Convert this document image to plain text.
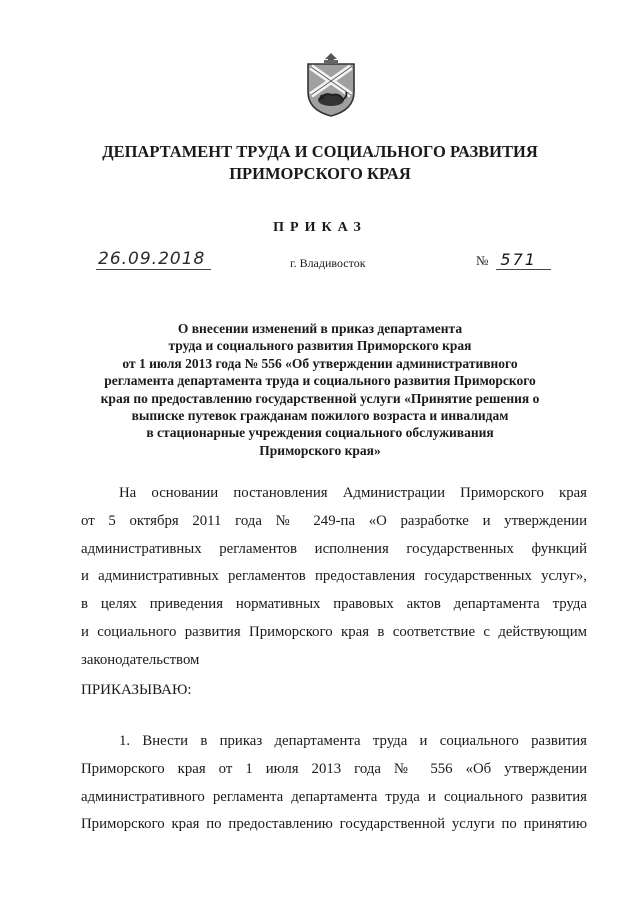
ДЕПАРТАМЕНТ ТРУДА И СОЦИАЛЬНОГО РАЗВИТИЯ
ПРИМОРСКОГО КРАЯ
ПРИКАЗ
26.09.2018	г. Владивосток	№ 571
О внесении изменений в приказ департамента
труда и социального развития Приморского края
от 1 июля 2013 года № 556 «Об утверждении административного
регламента департамента труда и социального развития Приморского
края по предоставлению государственной услуги «Принятие решения о
выписке путевок гражданам пожилого возраста и инвалидам
в стационарные учреждения социального обслуживания
Приморского края»
На основании постановления Администрации Приморского края
от 5 октября 2011 года № 249-па «О разработке и утверждении
административных регламентов исполнения государственных функций
и административных регламентов предоставления государственных услуг»,
в целях приведения нормативных правовых актов департамента труда
и социального развития Приморского края в соответствие с действующим
законодательством
ПРИКАЗЫВАЮ:
1. Внести в приказ департамента труда и социального развития
Приморского края от 1 июля 2013 года № 556 «Об утверждении
административного регламента департамента труда и социального развития
Приморского края по предоставлению государственной услуги по принятию
